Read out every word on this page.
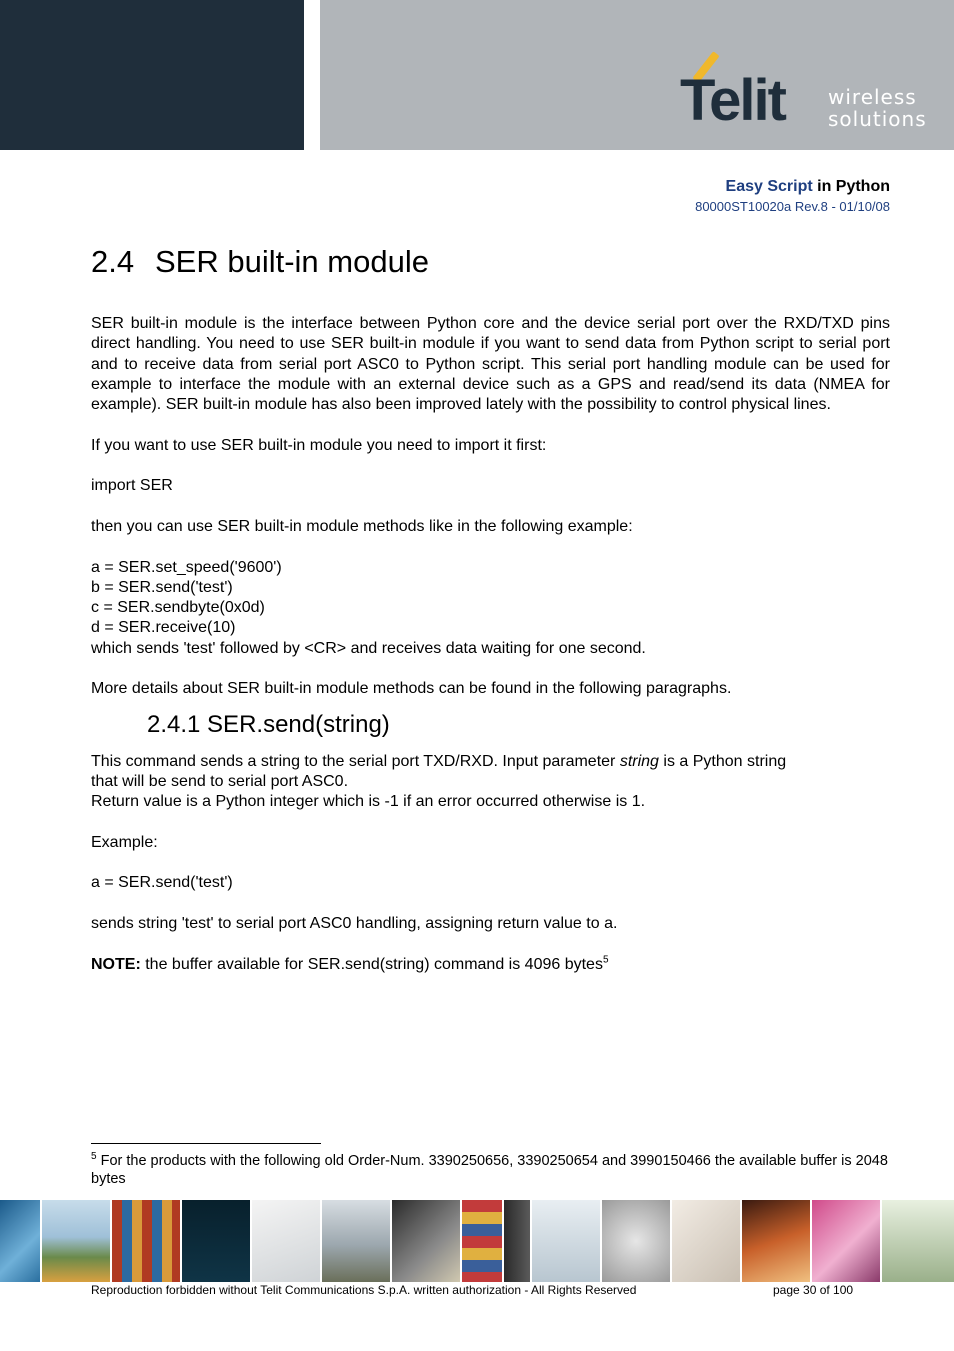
Telit wireless
solutions
Easy Script in Python
80000ST10020a Rev.8 - 01/10/08
2.4 SER built-in module

SER built-in module is the interface between Python core and the device serial port over the RXD/TXD pins direct handling. You need to use SER built-in module if you want to send data from Python script to serial port and to receive data from serial port ASC0 to Python script. This serial port handling module can be used for example to interface the module with an external device such as a GPS and read/send its data (NMEA for example). SER built-in module has also been improved lately with the possibility to control physical lines.

If you want to use SER built-in module you need to import it first:

import SER

then you can use SER built-in module methods like in the following example:

a = SER.set_speed('9600')

b = SER.send('test')

c = SER.sendbyte(0x0d)

d = SER.receive(10)

which sends 'test' followed by <CR> and receives data waiting for one second.

More details about SER built-in module methods can be found in the following paragraphs.

2.4.1 SER.send(string)

This command sends a string to the serial port TXD/RXD. Input parameter string is a Python string

that will be send to serial port ASC0.

Return value is a Python integer which is -1 if an error occurred otherwise is 1.

Example:

a = SER.send('test')

sends string 'test' to serial port ASC0 handling, assigning return value to a.

NOTE: the buffer available for SER.send(string) command is 4096 bytes$^5$

$^5$ For the products with the following old Order-Num. 3390250656, 3390250654 and 3990150466 the available buffer is 2048 bytes
Reproduction forbidden without Telit Communications S.p.A. written authorization - All Rights Reserved	page 30 of 100
